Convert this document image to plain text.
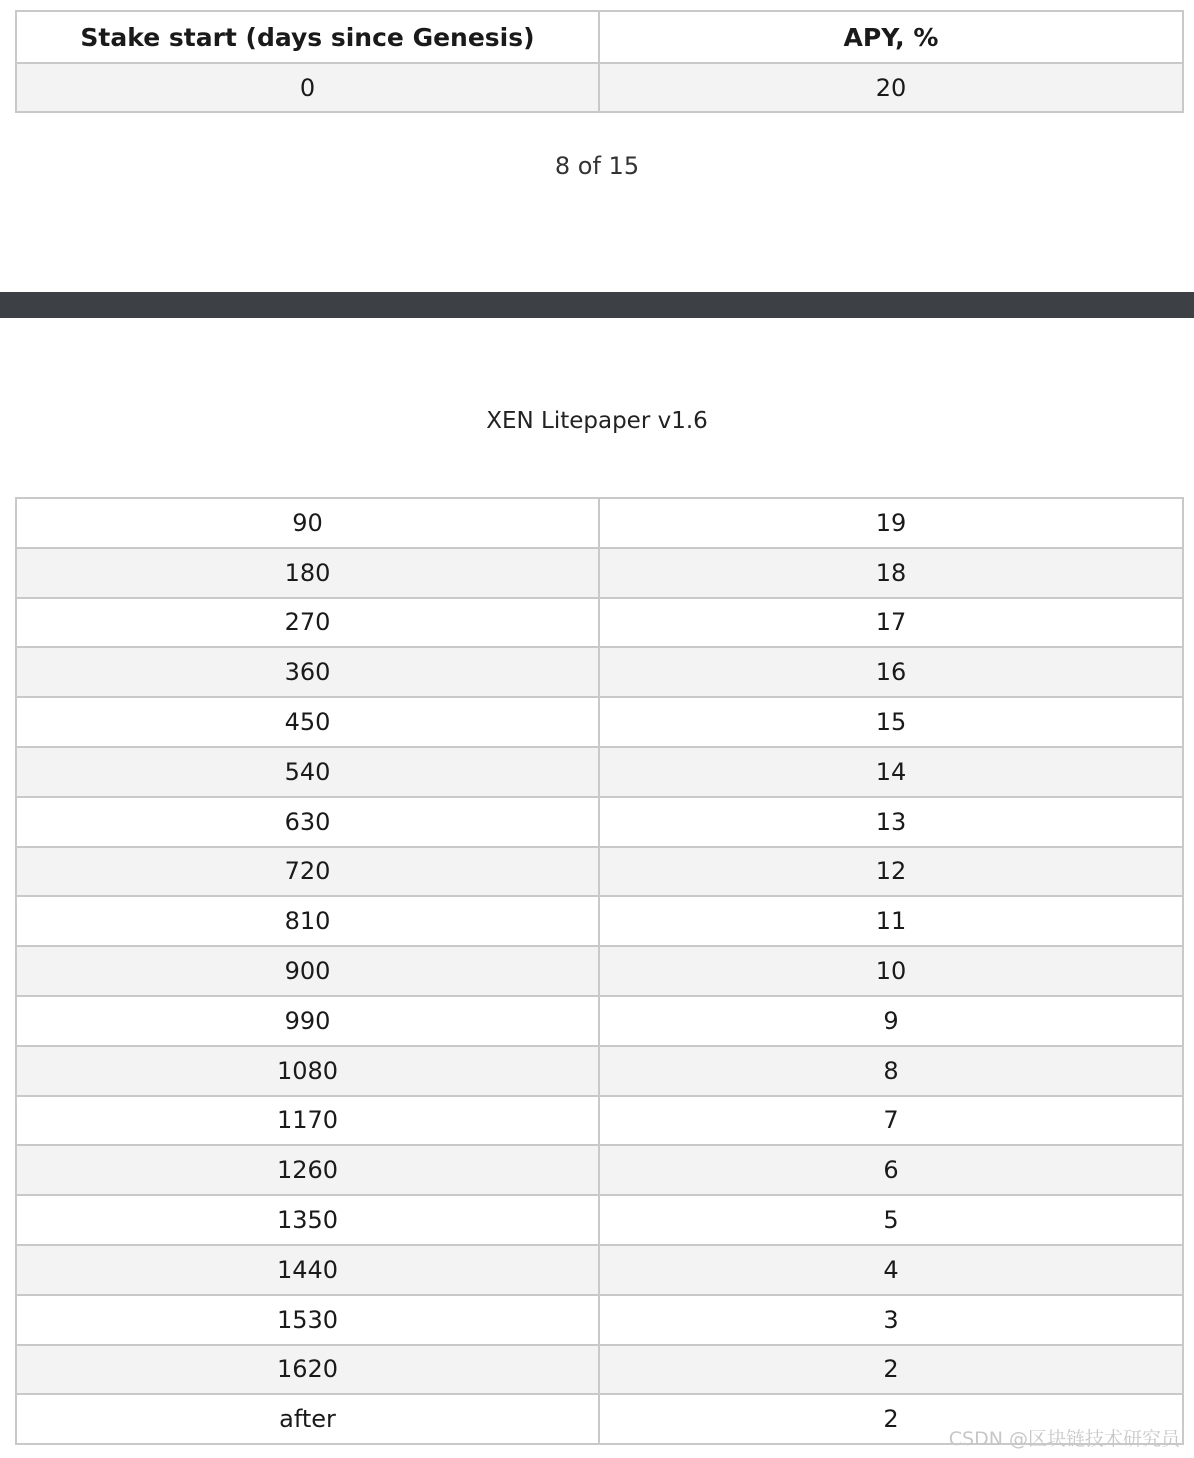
Stake start (days since Genesis)	APY, %
0	20
8 of 15
XEN Litepaper v1.6
90	19
180	18
270	17
360	16
450	15
540	14
630	13
720	12
810	11
900	10
990	9
1080	8
1170	7
1260	6
1350	5
1440	4
1530	3
1620	2
after	2
CSDN @区块链技术研究员
